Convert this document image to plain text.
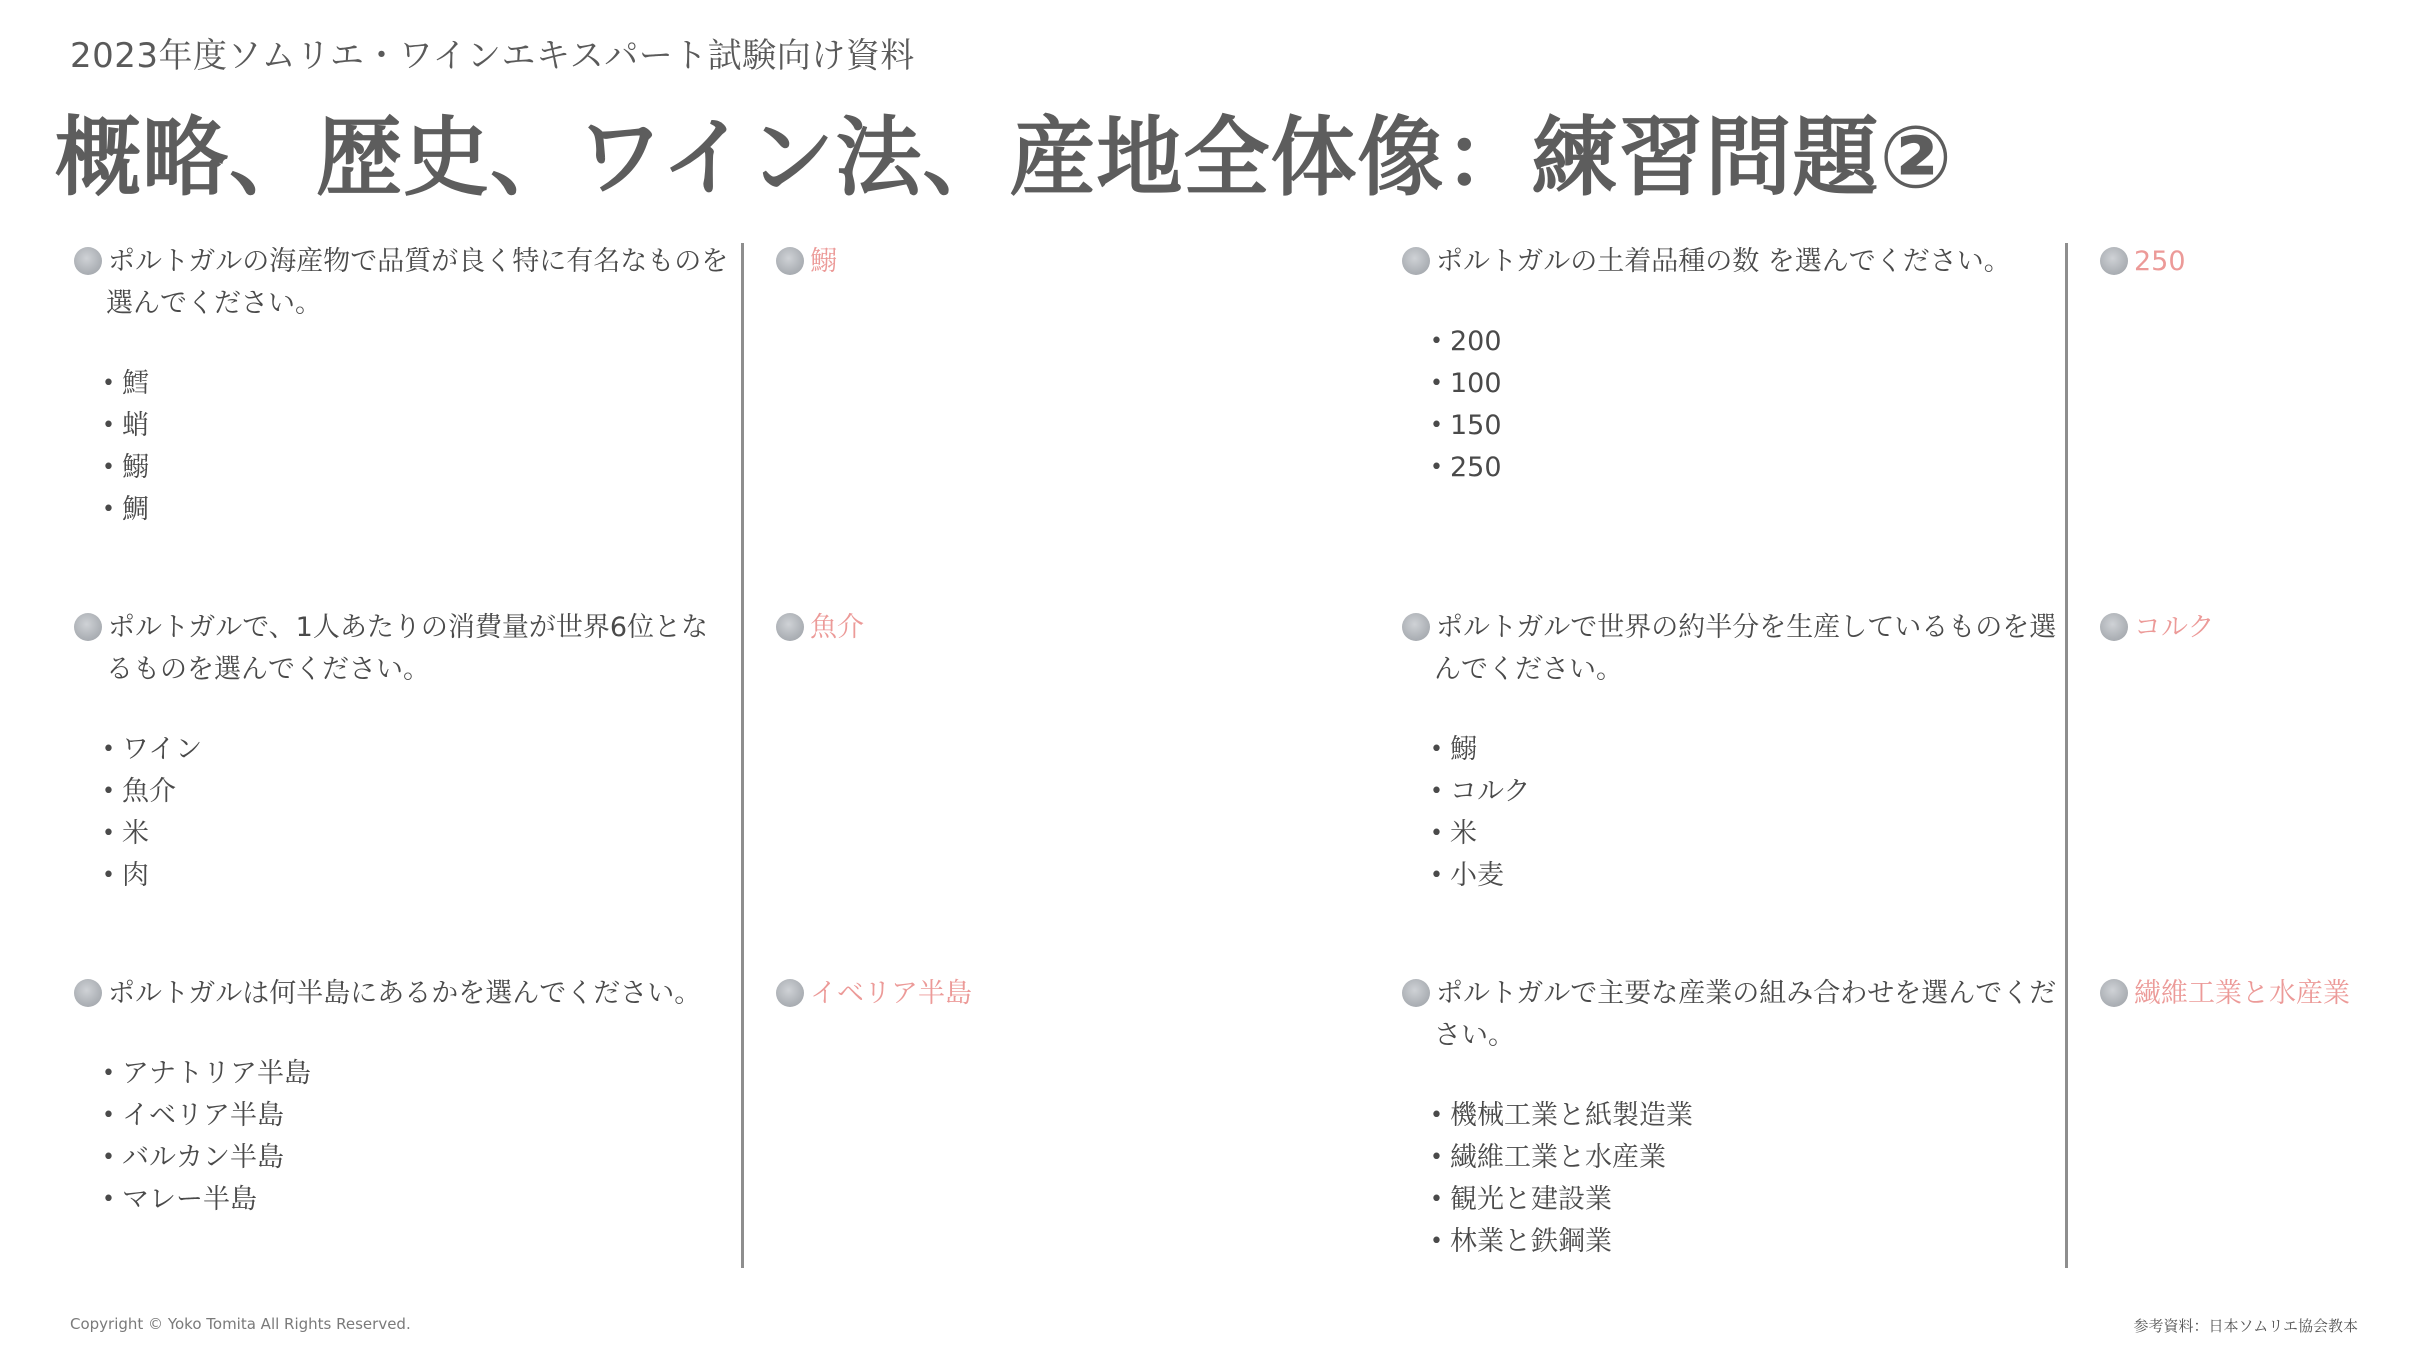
2023年度ソムリエ・ワインエキスパート試験向け資料
概略、歴史、ワイン法、産地全体像：練習問題②
ポルトガルの海産物で品質が良く特に有名なものを選んでください。
• 鱈
• 蛸
• 鰯
• 鯛
鰯
ポルトガルで、1人あたりの消費量が世界6位となるものを選んでください。
• ワイン
• 魚介
• 米
• 肉
魚介
ポルトガルは何半島にあるかを選んでください。
• アナトリア半島
• イベリア半島
• バルカン半島
• マレー半島
イベリア半島
ポルトガルの土着品種の数 を選んでください。
• 200
• 100
• 150
• 250
250
ポルトガルで世界の約半分を生産しているものを選んでください。
• 鰯
• コルク
• 米
• 小麦
コルク
ポルトガルで主要な産業の組み合わせを選んでください。
• 機械工業と紙製造業
• 繊維工業と水産業
• 観光と建設業
• 林業と鉄鋼業
繊維工業と水産業
Copyright © Yoko Tomita All Rights Reserved.	参考資料：日本ソムリエ協会教本
